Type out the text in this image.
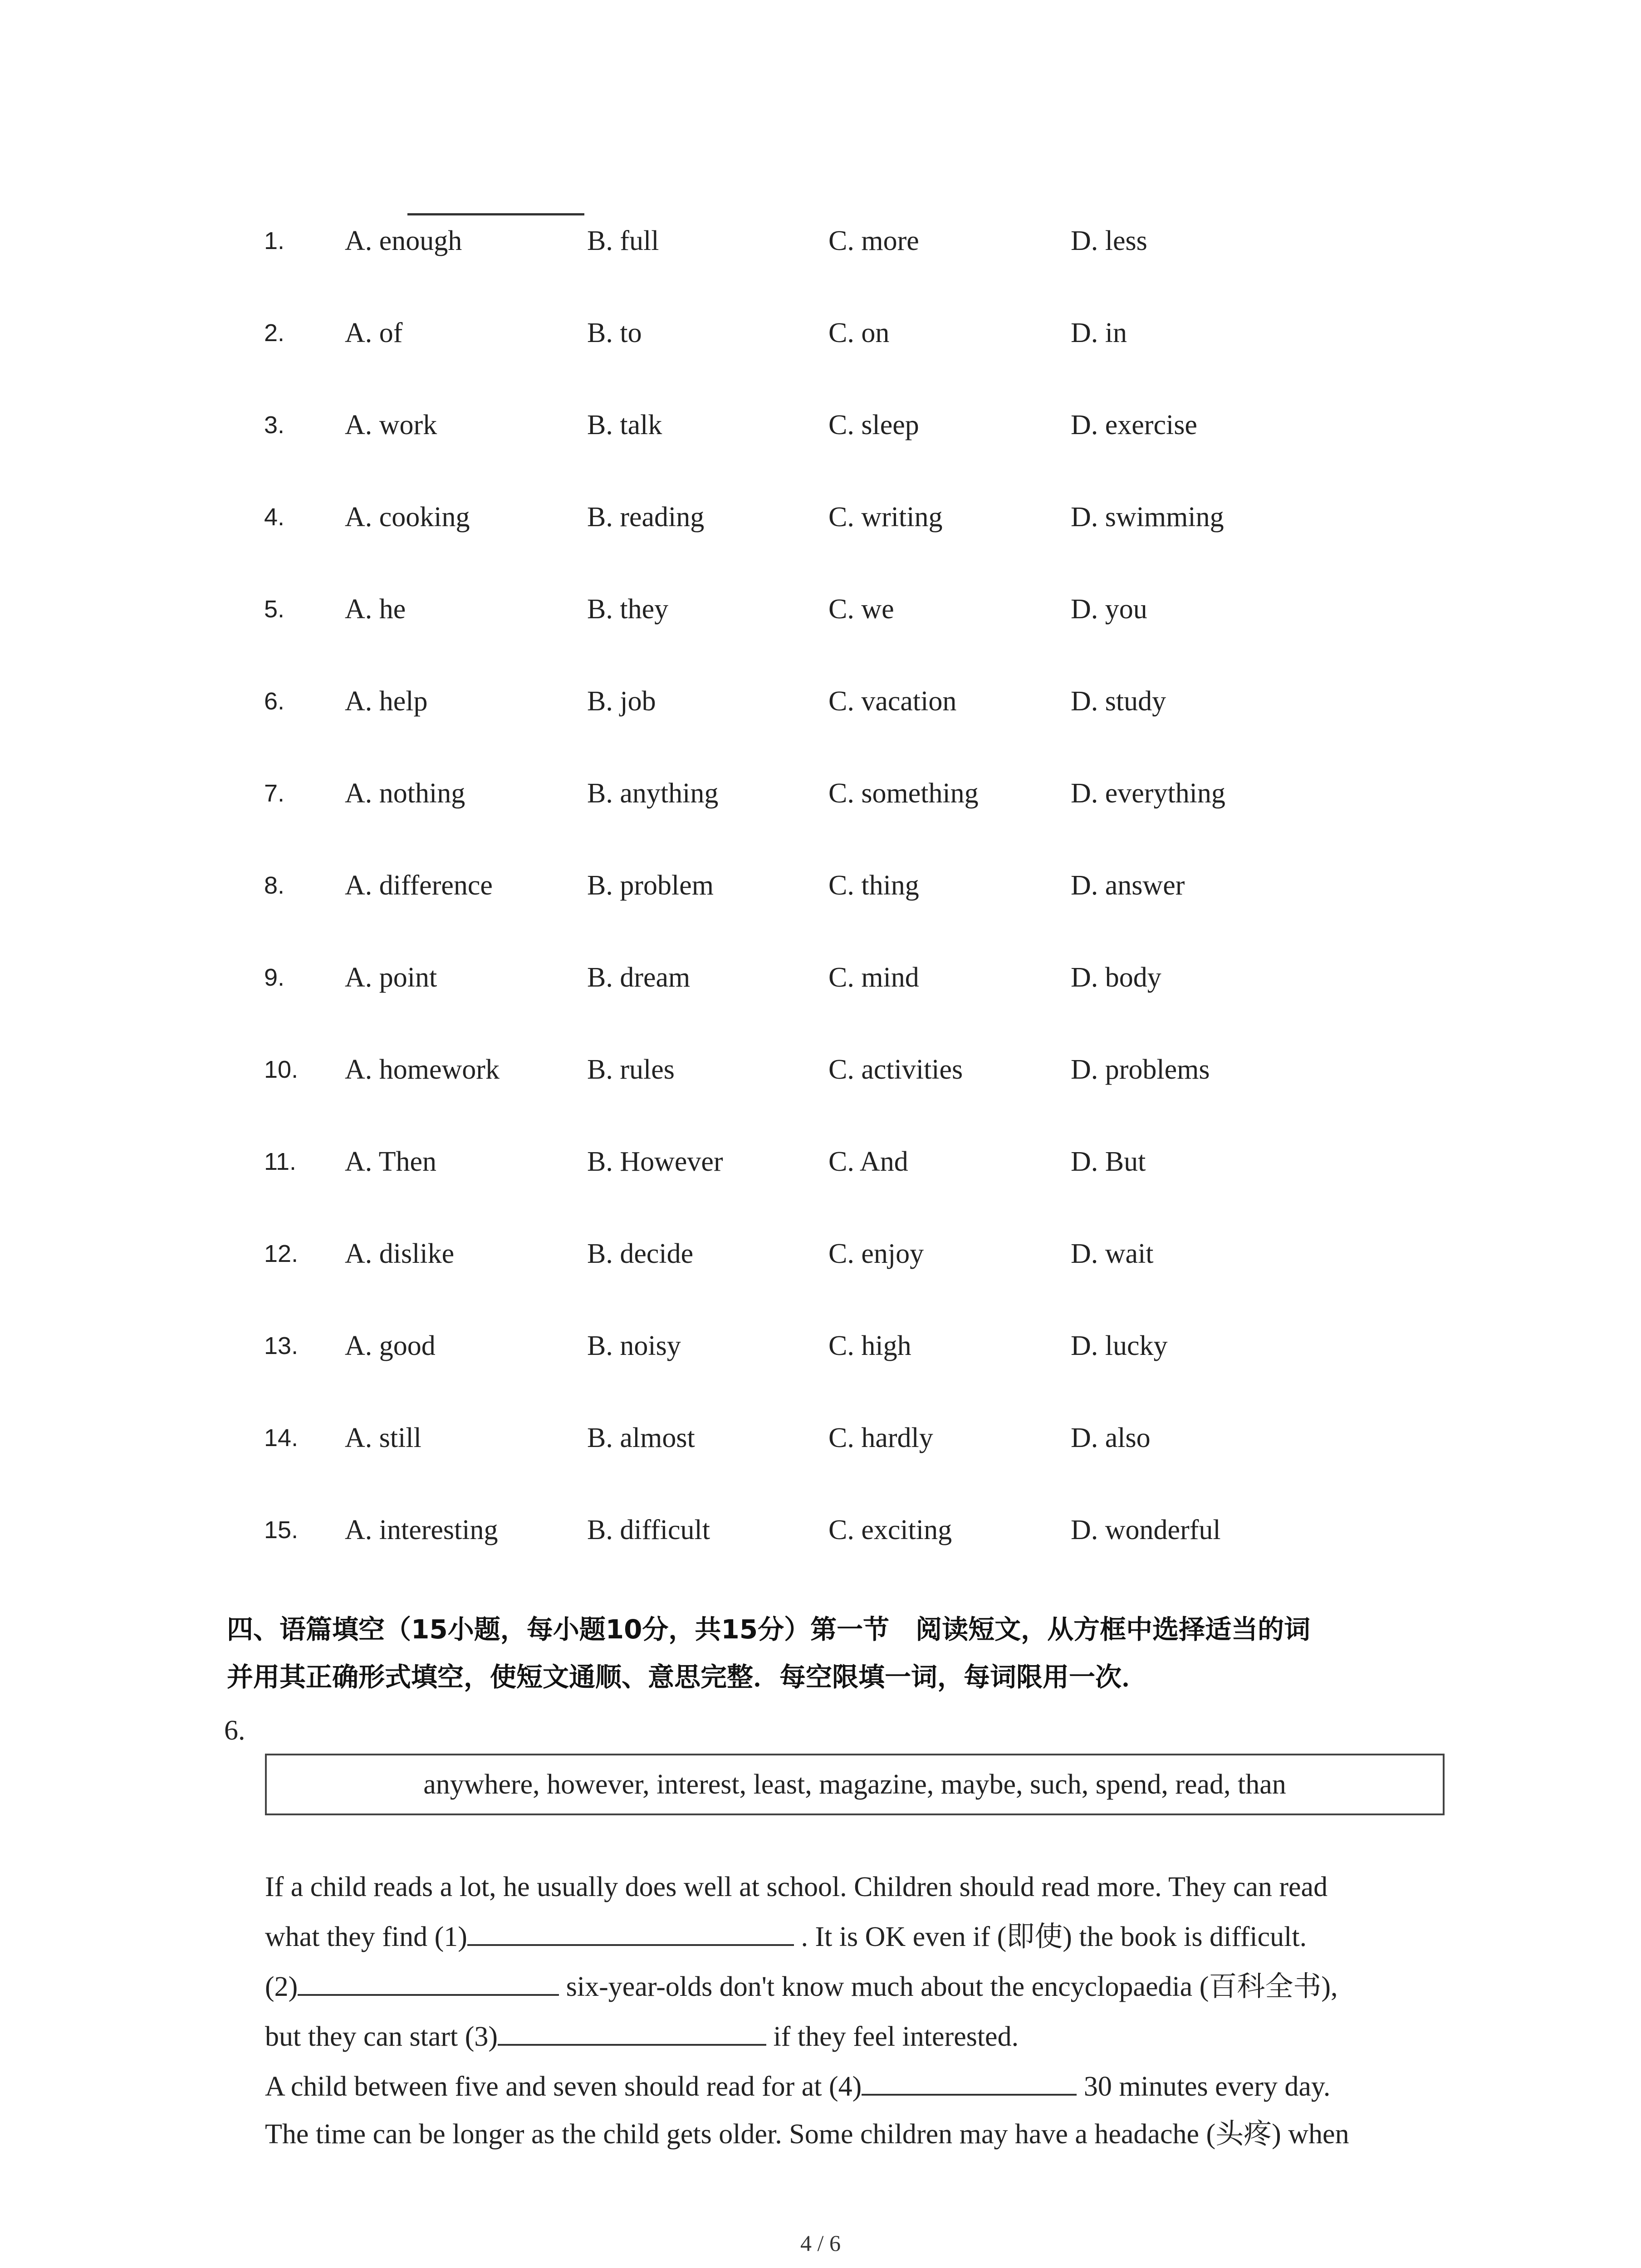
1. A. enough	B. full	C. more	D. less
2. A. of	B. to	C. on	D. in
3. A. work	B. talk	C. sleep	D. exercise
4. A. cooking	B. reading	C. writing	D. swimming
5. A. he	B. they	C. we	D. you
6. A. help	B. job	C. vacation	D. study
7. A. nothing	B. anything	C. something	D. everything
8. A. difference	B. problem	C. thing	D. answer
9. A. point	B. dream	C. mind	D. body
10. A. homework	B. rules	C. activities	D. problems
11. A. Then	B. However	C. And	D. But
12. A. dislike	B. decide	C. enjoy	D. wait
13. A. good	B. noisy	C. high	D. lucky
14. A. still	B. almost	C. hardly	D. also
15. A. interesting	B. difficult	C. exciting	D. wonderful
四、语篇填空（15小题，每小题10分，共15分）第一节　阅读短文，从方框中选择适当的词
并用其正确形式填空，使短文通顺、意思完整．每空限填一词，每词限用一次．
6.
anywhere, however, interest, least, magazine, maybe, such, spend, read, than
If a child reads a lot, he usually does well at school. Children should read more. They can read
what they find (1)	. It is OK even if (即使) the book is difficult.
(2)	six-year-olds don't know much about the encyclopaedia (百科全书),
but they can start (3)	if they feel interested.
A child between five and seven should read for at (4)	30 minutes every day.
The time can be longer as the child gets older. Some children may have a headache (头疼) when
4 / 6
